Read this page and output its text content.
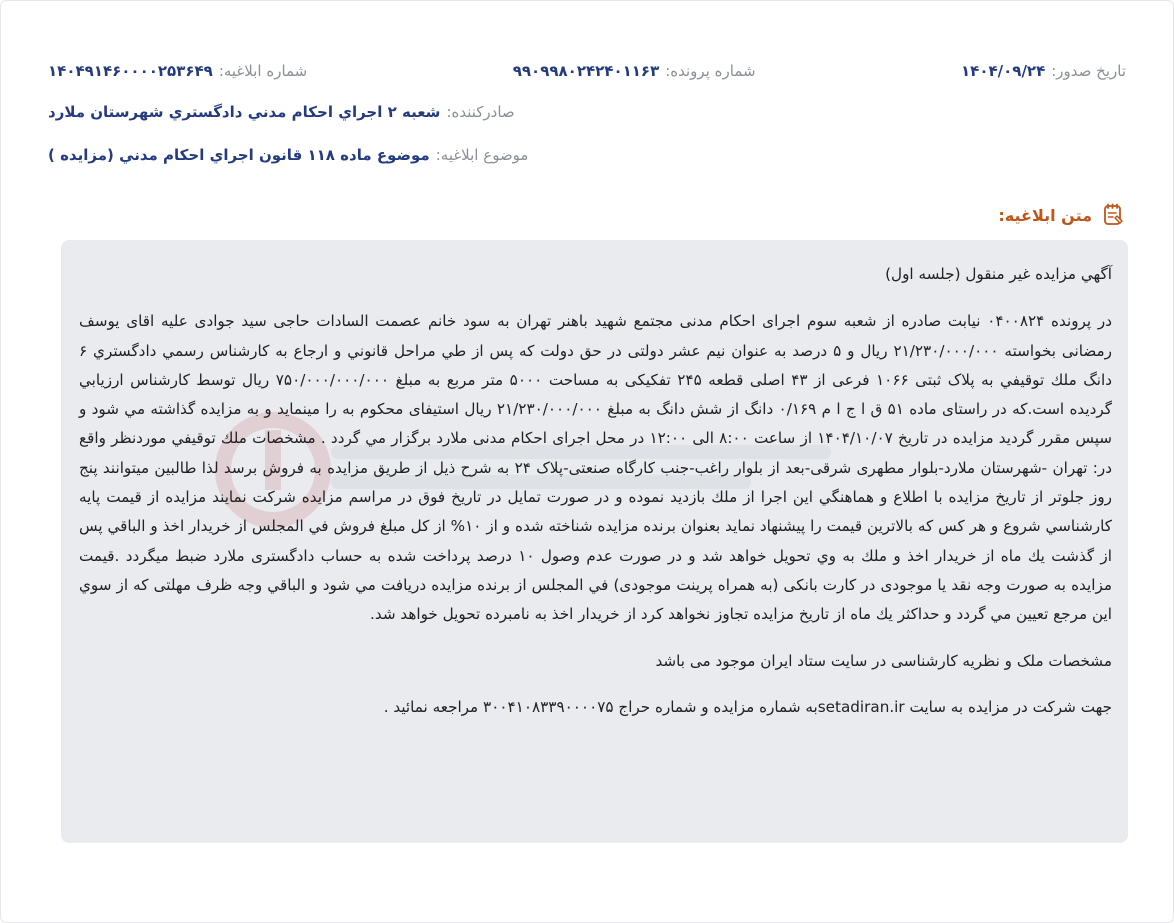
شماره ابلاغيه:
۱۴۰۴۹۱۴۶۰۰۰۰۲۵۳۶۴۹	شماره پرونده:
۹۹۰۹۹۸۰۲۴۲۴۰۱۱۶۳	تاریخ صدور:
۱۴۰۴/۰۹/۲۴
صادرکننده:
شعبه ۲ اجراي احكام مدني دادگستري شهرستان ملارد
موضوع ابلاغيه:
موضوع ماده ۱۱۸ قانون اجراي احكام مدني (مزايده )
متن ابلاغیه:

آگهي مزايده غير منقول (جلسه اول)

در پرونده ۰۴۰۰۸۲۴ نيابت صادره از شعبه سوم اجرای احکام مدنی مجتمع شهید باهنر تهران به سود خانم عصمت السادات حاجی سید جوادی علیه اقای یوسف رمضانی بخواسته ۲۱/۲۳۰/۰۰۰/۰۰۰ ريال و ۵ درصد به عنوان نیم عشر دولتی در حق دولت که پس از طي مراحل قانوني و ارجاع به كارشناس رسمي دادگستري ۶ دانگ ملك توقيفي به پلاک ثبتی ۱۰۶۶ فرعی از ۴۳ اصلی قطعه ۲۴۵ تفکیکی به مساحت ۵۰۰۰ متر مربع به مبلغ ۷۵۰/۰۰۰/۰۰۰/۰۰۰ ريال توسط كارشناس ارزيابي گرديده است.كه در راستای ماده ۵۱ ق ا ج ا م ۰/۱۶۹ دانگ از شش دانگ به مبلغ ۲۱/۲۳۰/۰۰۰/۰۰۰ ریال استیفای محکوم به را مینماید و به مزايده گذاشته مي شود و سپس مقرر گرديد مزايده در تاريخ ۱۴۰۴/۱۰/۰۷ از ساعت ۸:۰۰ الی ۱۲:۰۰ در محل اجرای احکام مدنی ملارد برگزار مي گردد . مشخصات ملك توقيفي موردنظر واقع در: تهران -شهرستان ملارد-بلوار مطهری شرقی-بعد از بلوار راغب-جنب کارگاه صنعتی-پلاک ۲۴ به شرح ذيل از طريق مزايده به فروش برسد لذا طالبين ميتوانند پنج روز جلوتر از تاريخ مزايده با اطلاع و هماهنگي اين اجرا از ملك بازديد نموده و در صورت تمايل در تاريخ فوق در مراسم مزايده شركت نمايند مزايده از قيمت پايه كارشناسي شروع و هر كس كه بالاترين قيمت را پيشنهاد نمايد بعنوان برنده مزايده شناخته شده و از ۱۰% از كل مبلغ فروش في المجلس از خريدار اخذ و الباقي پس از گذشت يك ماه از خريدار اخذ و ملك به وي تحويل خواهد شد و در صورت عدم وصول ۱۰ درصد پرداخت شده به حساب دادگستری ملارد ضبط ميگردد .قيمت مزايده به صورت وجه نقد يا موجودی در كارت بانكی (به همراه پرينت موجودی) في المجلس از برنده مزايده دريافت مي شود و الباقي وجه ظرف مهلتی كه از سوي اين مرجع تعيين مي گردد و حداكثر يك ماه از تاريخ مزايده تجاوز نخواهد كرد از خريدار اخذ به نامبرده تحويل خواهد شد.

مشخصات ملک و نظریه کارشناسی در سایت ستاد ایران موجود می باشد

جهت شرکت در مزایده به سایت setadiran.irبه شماره مزایده و شماره حراج ۳۰۰۴۱۰۸۳۳۹۰۰۰۰۷۵ مراجعه نمائید .
